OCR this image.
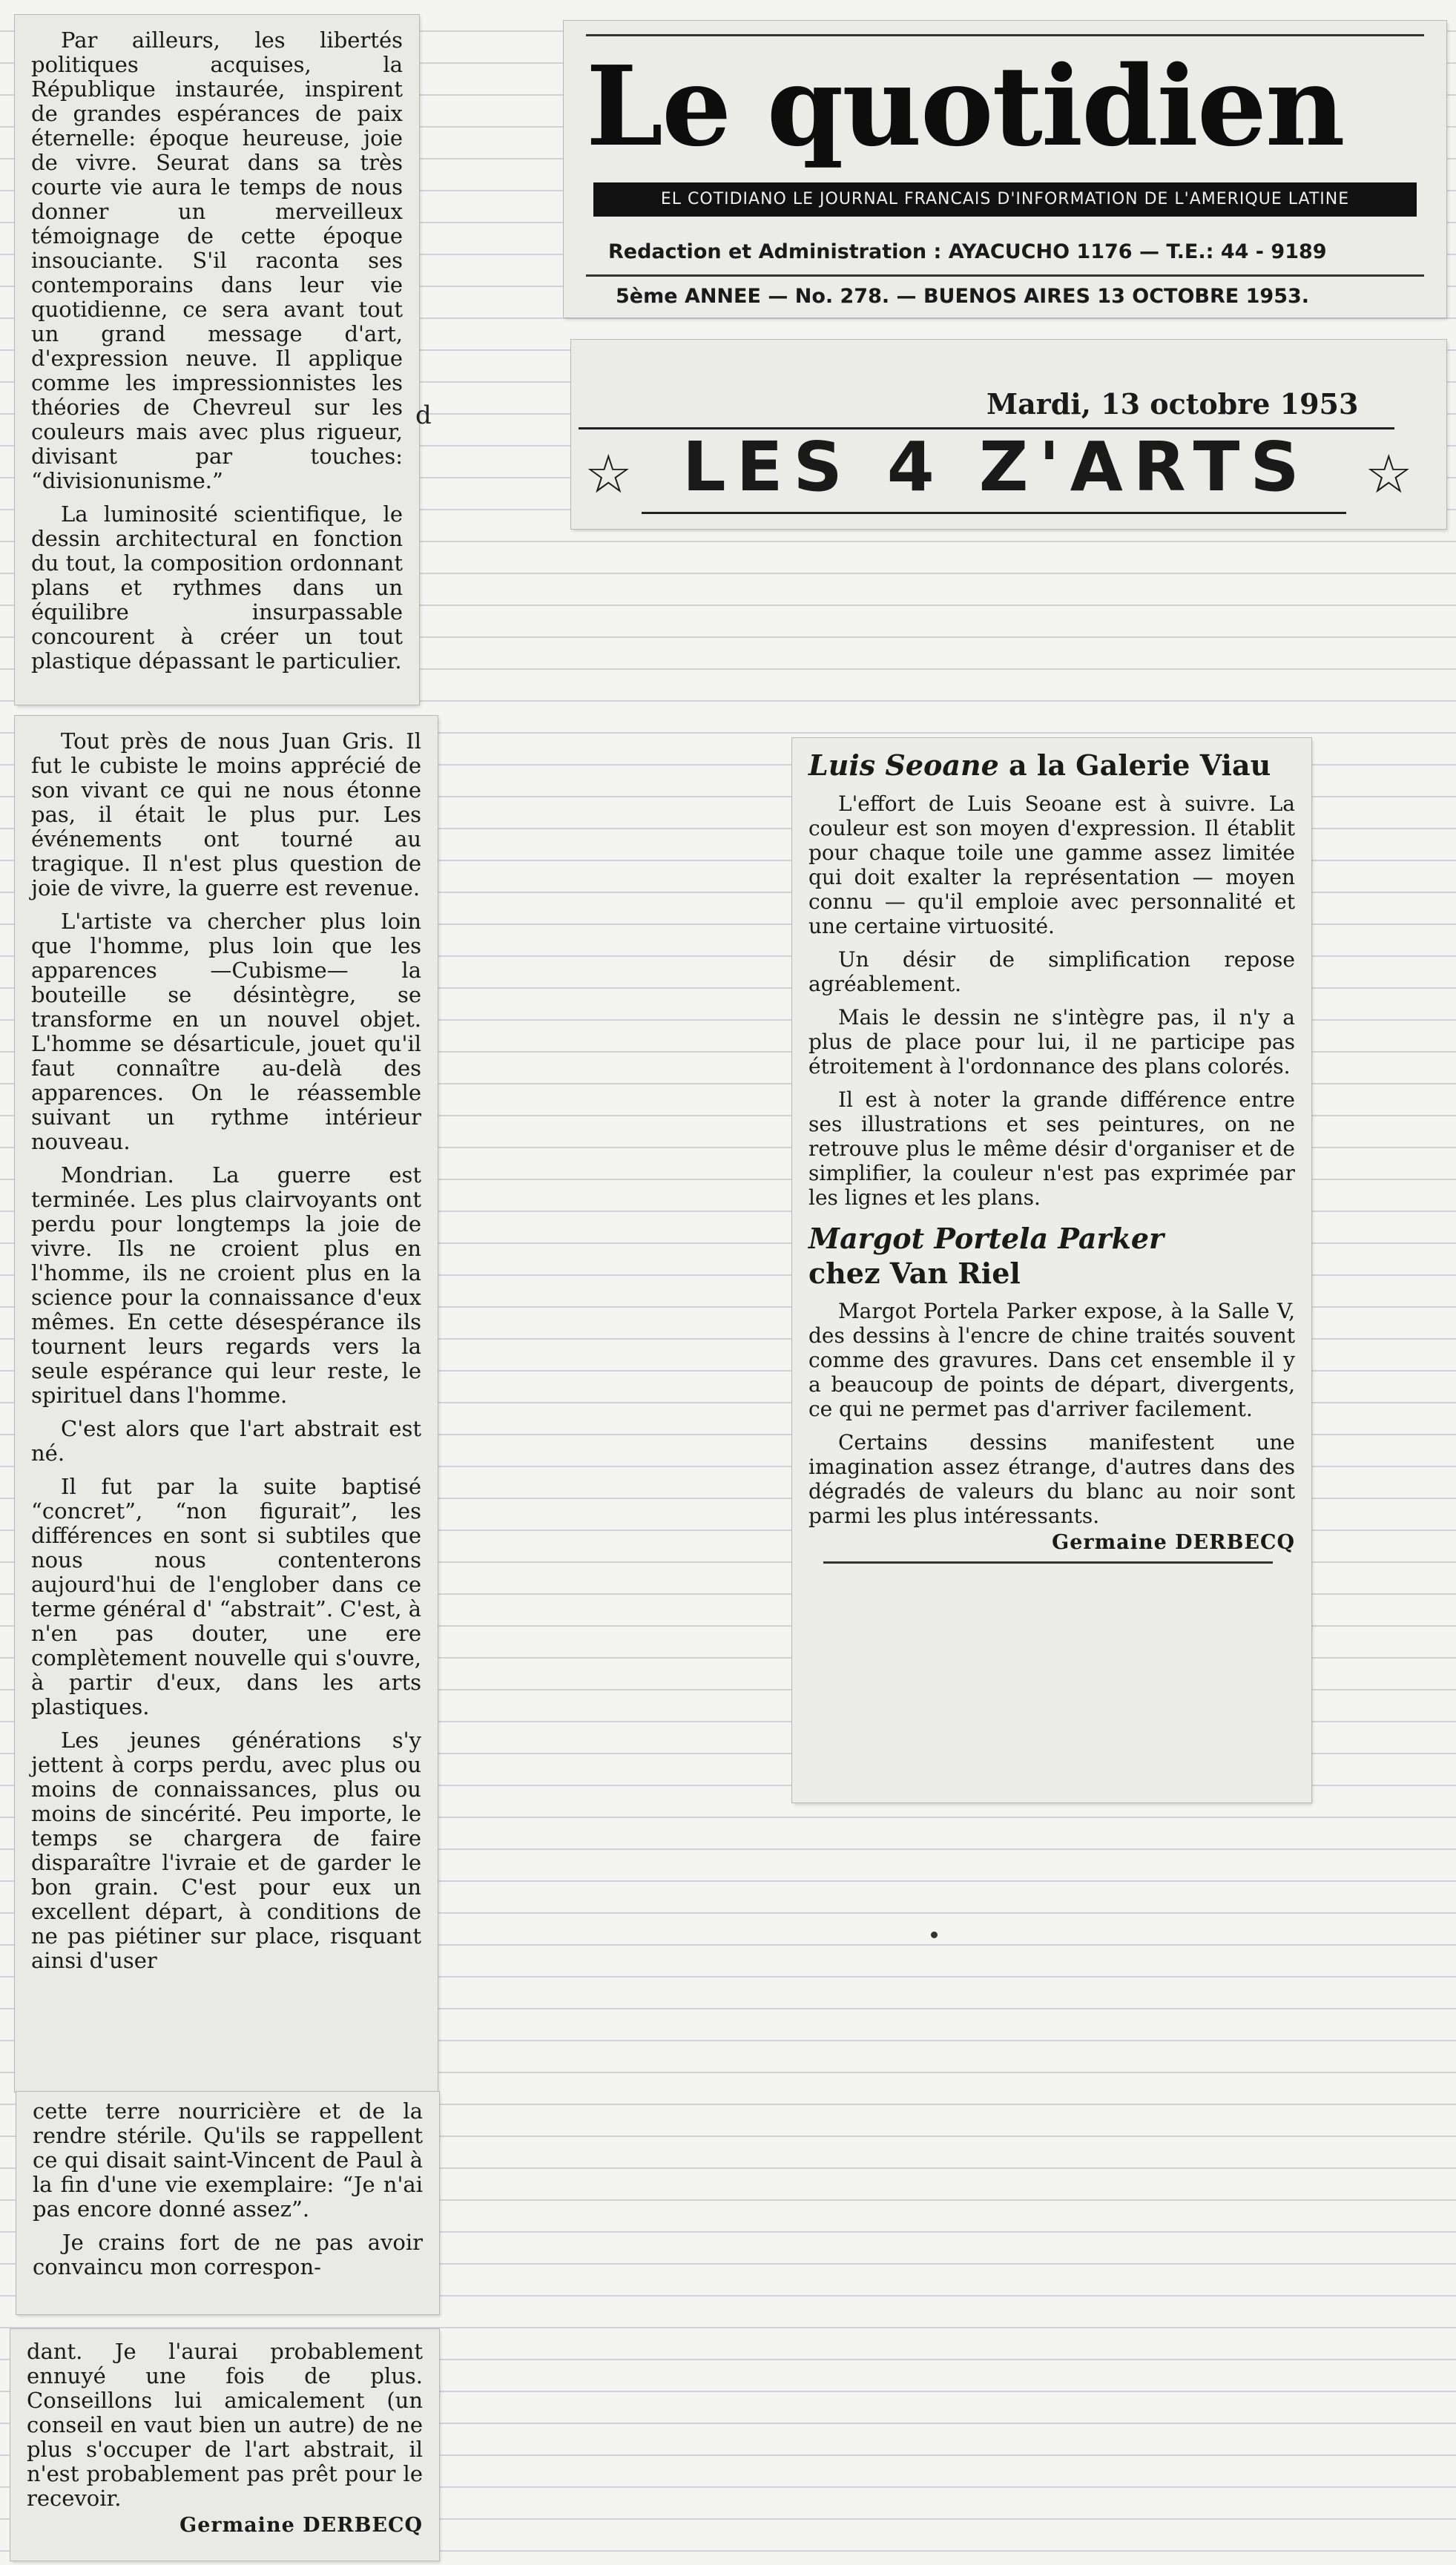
Le quotidien
EL COTIDIANO LE JOURNAL FRANCAIS D'INFORMATION DE L'AMERIQUE LATINE
Redaction et Administration : AYACUCHO 1176 — T.E.: 44 - 9189
5ème ANNEE — No. 278. — BUENOS AIRES 13 OCTOBRE 1953.
Mardi, 13 octobre 1953
☆ LES 4 Z'ARTS ☆

Par ailleurs, les libertés politiques acquises, la République instaurée, inspirent de grandes espérances de paix éternelle: époque heureuse, joie de vivre. Seurat dans sa très courte vie aura le temps de nous donner un merveilleux témoignage de cette époque insouciante. S'il raconta ses contemporains dans leur vie quotidienne, ce sera avant tout un grand message d'art, d'expression neuve. Il applique comme les impressionnistes les théories de Chevreul sur les couleurs mais avec plus rigueur, divisant par touches: “divisionunisme.”

La luminosité scientifique, le dessin architectural en fonction du tout, la composition ordonnant plans et rythmes dans un équilibre insurpassable concourent à créer un tout plastique dépassant le particulier.

d

Tout près de nous Juan Gris. Il fut le cubiste le moins apprécié de son vivant ce qui ne nous étonne pas, il était le plus pur. Les événements ont tourné au tragique. Il n'est plus question de joie de vivre, la guerre est revenue.

L'artiste va chercher plus loin que l'homme, plus loin que les apparences —Cubisme— la bouteille se désintègre, se transforme en un nouvel objet. L'homme se désarticule, jouet qu'il faut connaître au-delà des apparences. On le réassemble suivant un rythme intérieur nouveau.

Mondrian. La guerre est terminée. Les plus clairvoyants ont perdu pour longtemps la joie de vivre. Ils ne croient plus en l'homme, ils ne croient plus en la science pour la connaissance d'eux mêmes. En cette désespérance ils tournent leurs regards vers la seule espérance qui leur reste, le spirituel dans l'homme.

C'est alors que l'art abstrait est né.

Il fut par la suite baptisé “concret”, “non figurait”, les différences en sont si subtiles que nous nous contenterons aujourd'hui de l'englober dans ce terme général d' “abstrait”. C'est, à n'en pas douter, une ere complètement nouvelle qui s'ouvre, à partir d'eux, dans les arts plastiques.

Les jeunes générations s'y jettent à corps perdu, avec plus ou moins de connaissances, plus ou moins de sincérité. Peu importe, le temps se chargera de faire disparaître l'ivraie et de garder le bon grain. C'est pour eux un excellent départ, à conditions de ne pas piétiner sur place, risquant ainsi d'user

cette terre nourricière et de la rendre stérile. Qu'ils se rappellent ce qui disait saint-Vincent de Paul à la fin d'une vie exemplaire: “Je n'ai pas encore donné assez”.

Je crains fort de ne pas avoir convaincu mon correspon-

dant. Je l'aurai probablement ennuyé une fois de plus. Conseillons lui amicalement (un conseil en vaut bien un autre) de ne plus s'occuper de l'art abstrait, il n'est probablement pas prêt pour le recevoir.

Germaine DERBECQ
Luis Seoane a la Galerie Viau

L'effort de Luis Seoane est à suivre. La couleur est son moyen d'expression. Il établit pour chaque toile une gamme assez limitée qui doit exalter la représentation — moyen connu — qu'il emploie avec personnalité et une certaine virtuosité.

Un désir de simplification repose agréablement.

Mais le dessin ne s'intègre pas, il n'y a plus de place pour lui, il ne participe pas étroitement à l'ordonnance des plans colorés.

Il est à noter la grande différence entre ses illustrations et ses peintures, on ne retrouve plus le même désir d'organiser et de simplifier, la couleur n'est pas exprimée par les lignes et les plans.

Margot Portela Parker
chez Van Riel

Margot Portela Parker expose, à la Salle V, des dessins à l'encre de chine traités souvent comme des gravures. Dans cet ensemble il y a beaucoup de points de départ, divergents, ce qui ne permet pas d'arriver facilement.

Certains dessins manifestent une imagination assez étrange, d'autres dans des dégradés de valeurs du blanc au noir sont parmi les plus intéressants.

Germaine DERBECQ
